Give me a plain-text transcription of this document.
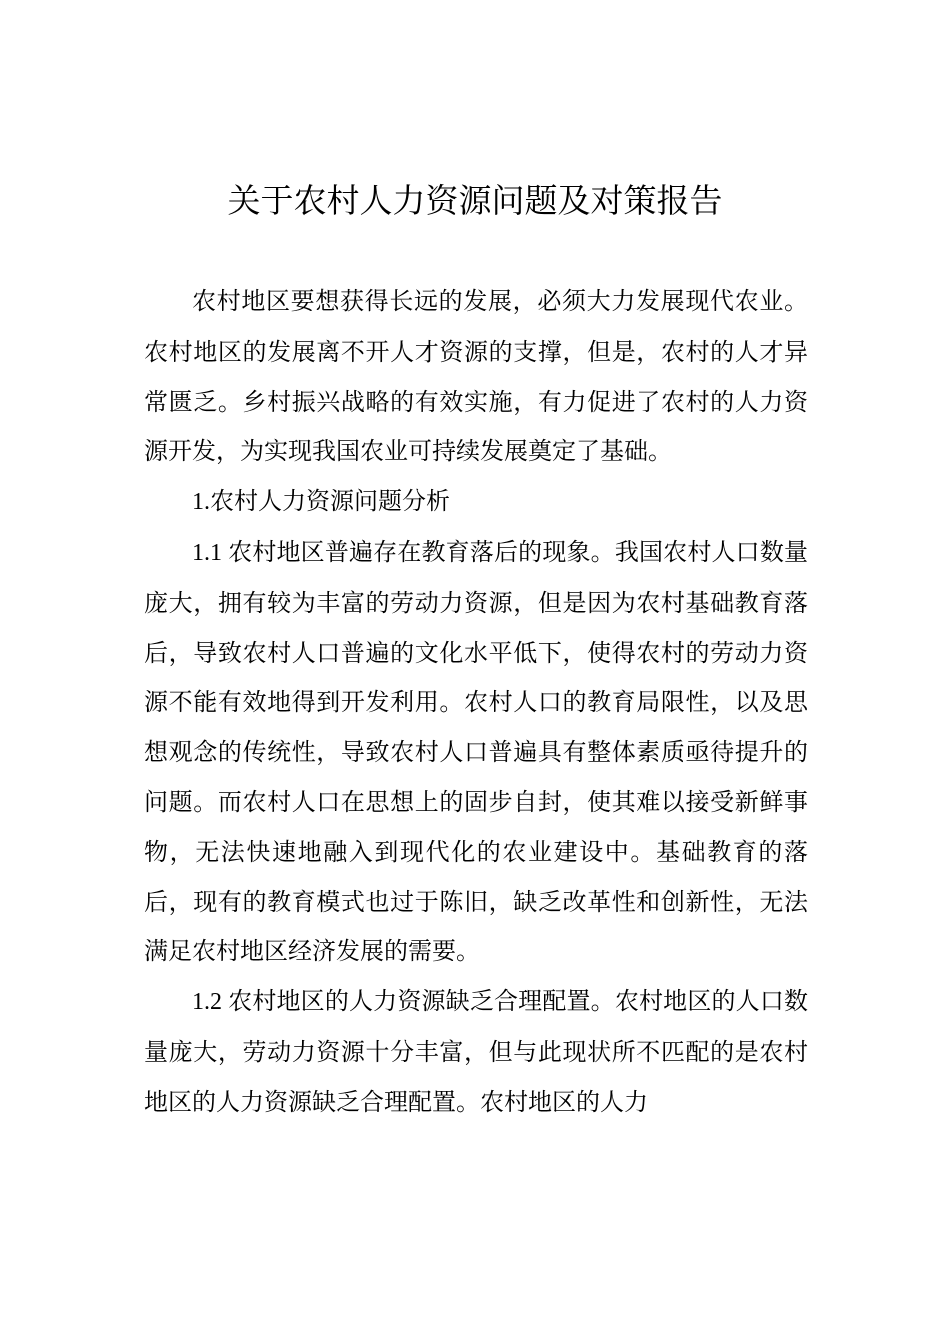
关于农村人力资源问题及对策报告

农村地区要想获得长远的发展，必须大力发展现代农业。农村地区的发展离不开人才资源的支撑，但是，农村的人才异常匮乏。乡村振兴战略的有效实施，有力促进了农村的人力资源开发，为实现我国农业可持续发展奠定了基础。

1.农村人力资源问题分析

1.1 农村地区普遍存在教育落后的现象。我国农村人口数量庞大，拥有较为丰富的劳动力资源，但是因为农村基础教育落后，导致农村人口普遍的文化水平低下，使得农村的劳动力资源不能有效地得到开发利用。农村人口的教育局限性，以及思想观念的传统性，导致农村人口普遍具有整体素质亟待提升的问题。而农村人口在思想上的固步自封，使其难以接受新鲜事物，无法快速地融入到现代化的农业建设中。基础教育的落后，现有的教育模式也过于陈旧，缺乏改革性和创新性，无法满足农村地区经济发展的需要。

1.2 农村地区的人力资源缺乏合理配置。农村地区的人口数量庞大，劳动力资源十分丰富，但与此现状所不匹配的是农村地区的人力资源缺乏合理配置。农村地区的人力
